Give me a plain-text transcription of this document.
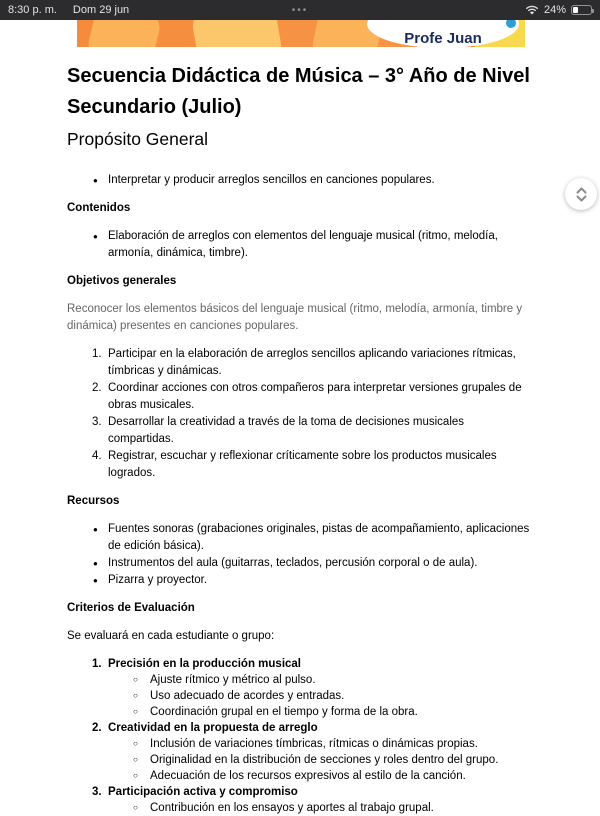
8:30 p. m. Dom 29 jun	•••	24%
Profe Juan
Secuencia Didáctica de Música – 3° Año de Nivel Secundario (Julio)
Propósito General
●
Interpretar y producir arreglos sencillos en canciones populares.
Contenidos
●
Elaboración de arreglos con elementos del lenguaje musical (ritmo, melodía, armonía, dinámica, timbre).
Objetivos generales
Reconocer los elementos básicos del lenguaje musical (ritmo, melodía, armonía, timbre y dinámica) presentes en canciones populares.
1. Participar en la elaboración de arreglos sencillos aplicando variaciones rítmicas, tímbricas y dinámicas.
2. Coordinar acciones con otros compañeros para interpretar versiones grupales de obras musicales.
3. Desarrollar la creatividad a través de la toma de decisiones musicales compartidas.
4. Registrar, escuchar y reflexionar críticamente sobre los productos musicales logrados.
Recursos
●
Fuentes sonoras (grabaciones originales, pistas de acompañamiento, aplicaciones de edición básica).
●
Instrumentos del aula (guitarras, teclados, percusión corporal o de aula).
●
Pizarra y proyector.
Criterios de Evaluación
Se evaluará en cada estudiante o grupo:
1. Precisión en la producción musical
○
Ajuste rítmico y métrico al pulso.
○
Uso adecuado de acordes y entradas.
○
Coordinación grupal en el tiempo y forma de la obra.
2. Creatividad en la propuesta de arreglo
○
Inclusión de variaciones tímbricas, rítmicas o dinámicas propias.
○
Originalidad en la distribución de secciones y roles dentro del grupo.
○
Adecuación de los recursos expresivos al estilo de la canción.
3. Participación activa y compromiso
○
Contribución en los ensayos y aportes al trabajo grupal.
